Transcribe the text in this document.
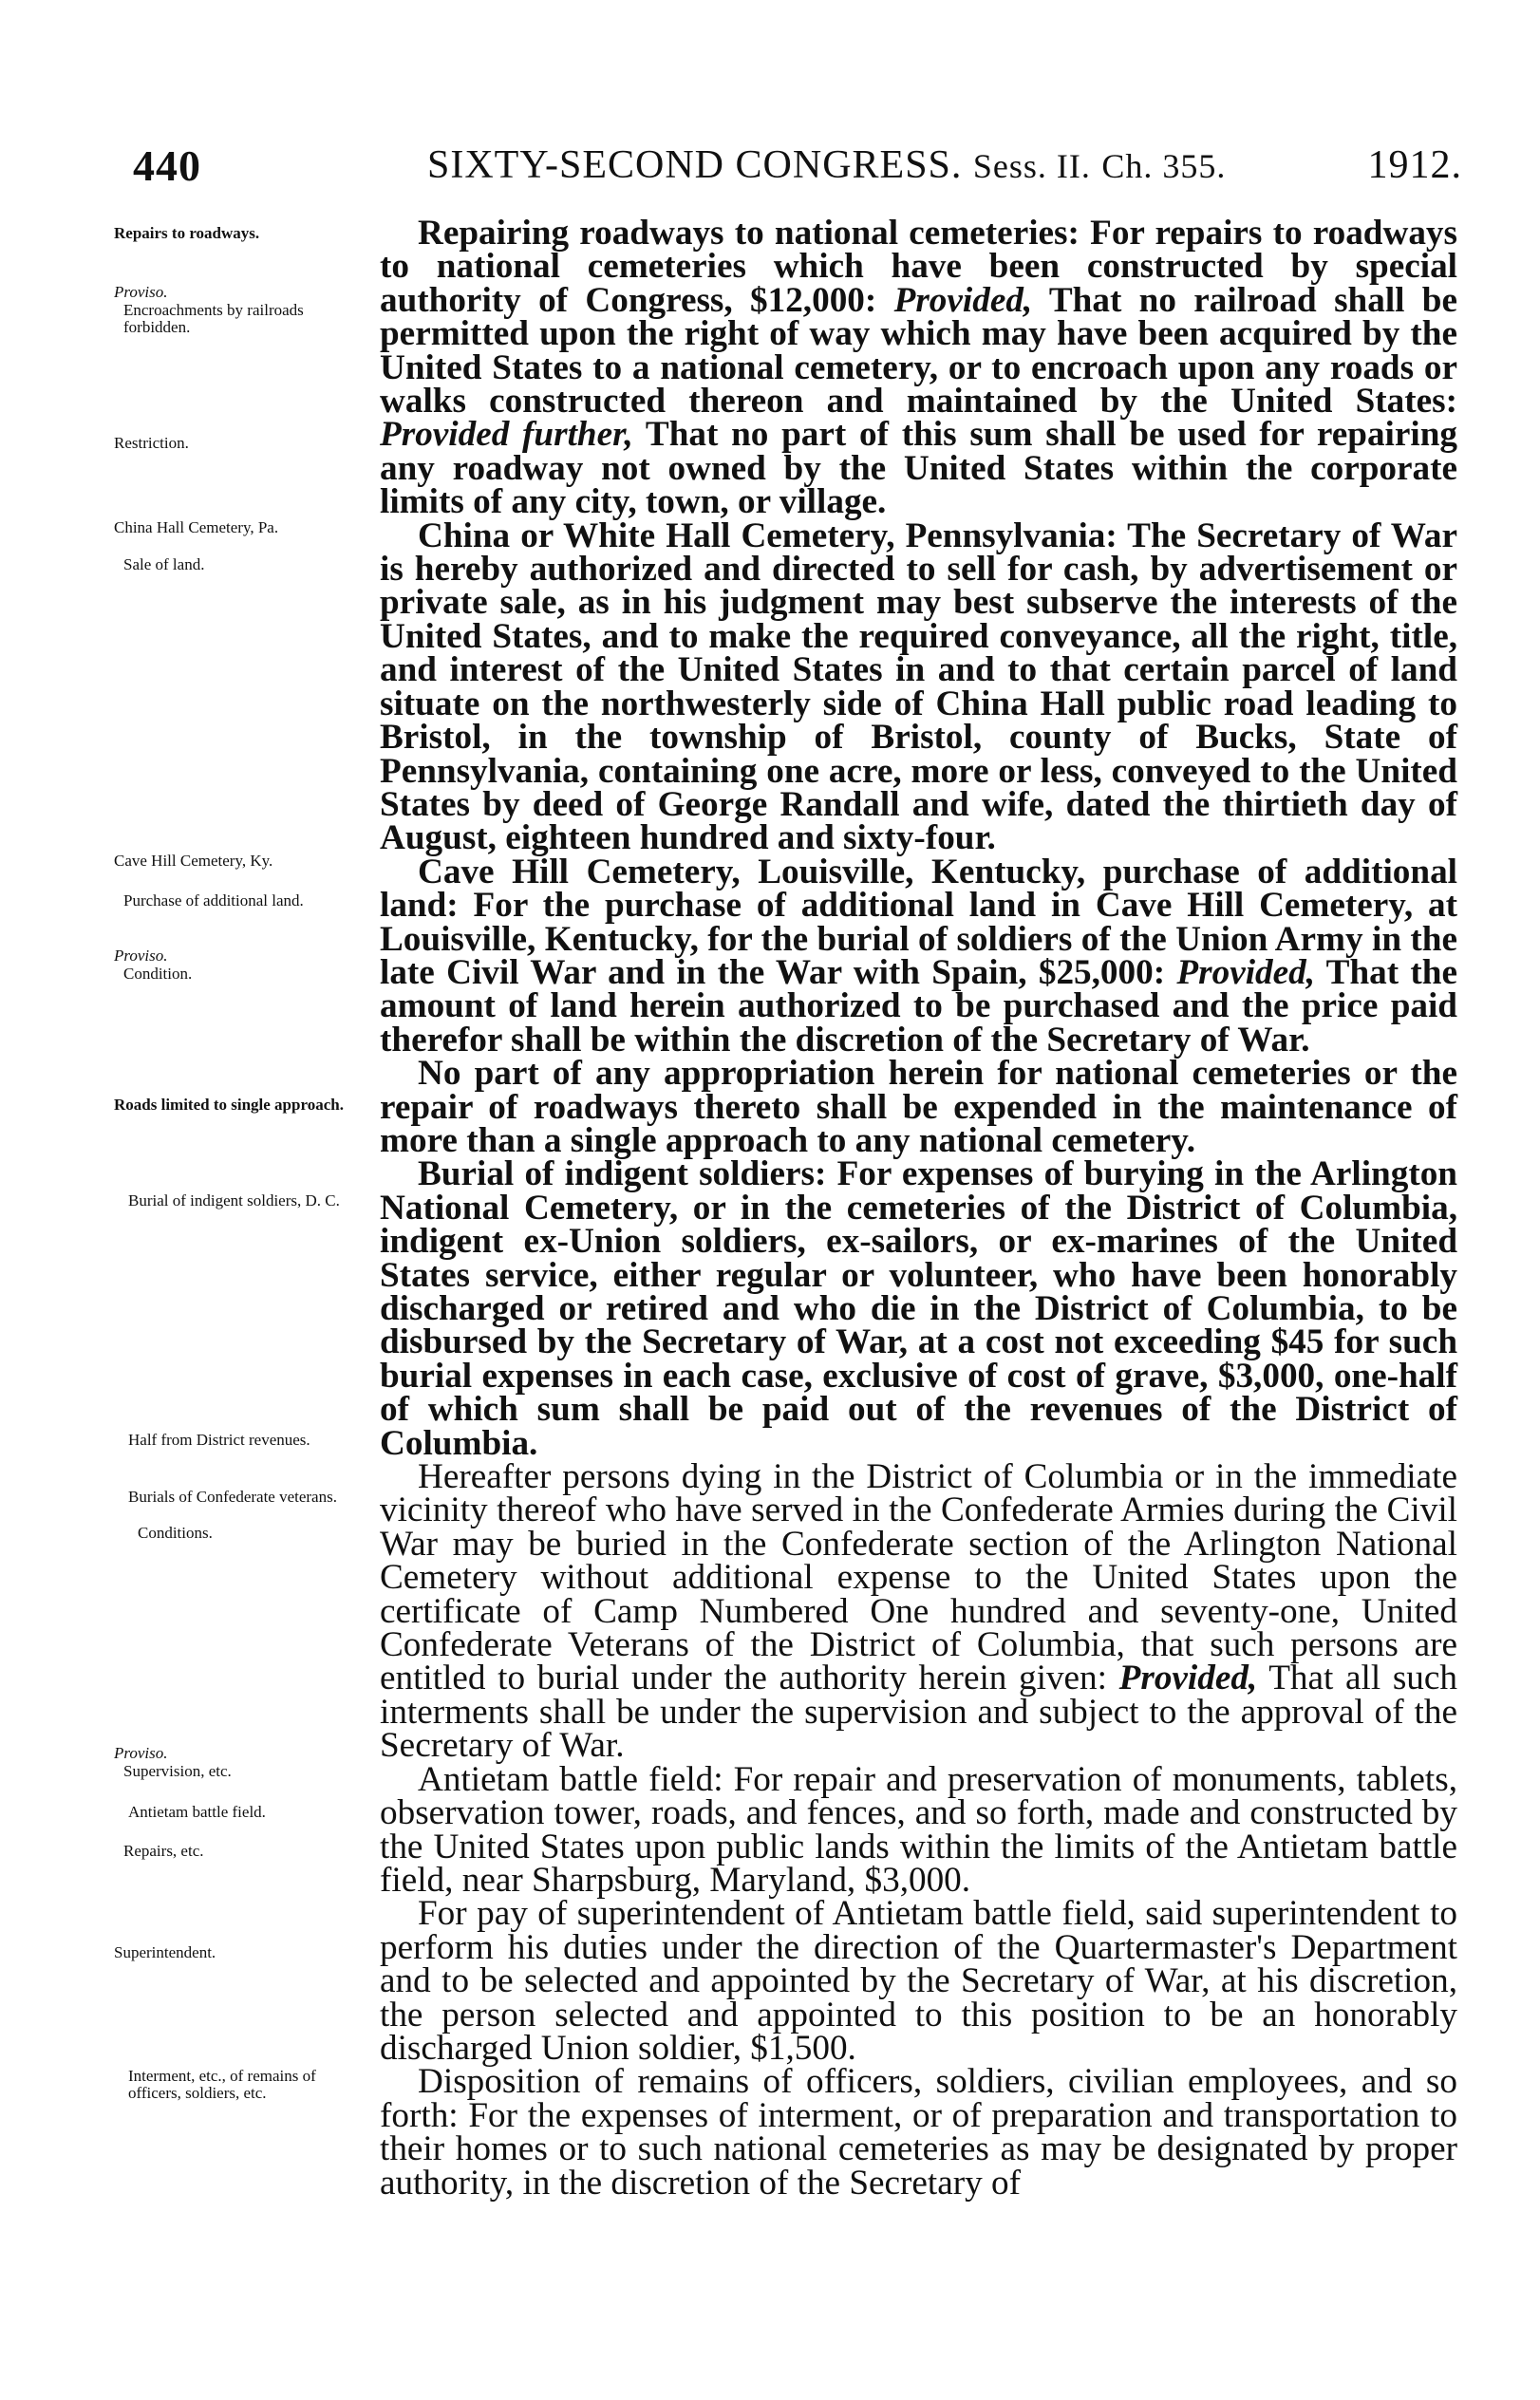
440	SIXTY-SECOND CONGRESS. Sess. II. Ch. 355.	1912.
Repairs to roadways.
Proviso.
Encroachments by railroads forbidden.
Restriction.
China Hall Cemetery, Pa.
Sale of land.
Cave Hill Cemetery, Ky.
Purchase of additional land.
Proviso.
Condition.
Roads limited to single approach.
Burial of indigent soldiers, D. C.
Half from District revenues.
Burials of Confederate veterans.
Conditions.
Proviso.
Supervision, etc.
Antietam battle field.
Repairs, etc.
Superintendent.
Interment, etc., of remains of officers, soldiers, etc.

Repairing roadways to national cemeteries: For repairs to roadways to national cemeteries which have been constructed by special authority of Congress, $12,000: Provided, That no railroad shall be permitted upon the right of way which may have been acquired by the United States to a national cemetery, or to encroach upon any roads or walks constructed thereon and maintained by the United States: Provided further, That no part of this sum shall be used for repairing any roadway not owned by the United States within the corporate limits of any city, town, or village.

China or White Hall Cemetery, Pennsylvania: The Secretary of War is hereby authorized and directed to sell for cash, by advertisement or private sale, as in his judgment may best subserve the interests of the United States, and to make the required conveyance, all the right, title, and interest of the United States in and to that certain parcel of land situate on the northwesterly side of China Hall public road leading to Bristol, in the township of Bristol, county of Bucks, State of Pennsylvania, containing one acre, more or less, conveyed to the United States by deed of George Randall and wife, dated the thirtieth day of August, eighteen hundred and sixty-four.

Cave Hill Cemetery, Louisville, Kentucky, purchase of additional land: For the purchase of additional land in Cave Hill Cemetery, at Louisville, Kentucky, for the burial of soldiers of the Union Army in the late Civil War and in the War with Spain, $25,000: Provided, That the amount of land herein authorized to be purchased and the price paid therefor shall be within the discretion of the Secretary of War.

No part of any appropriation herein for national cemeteries or the repair of roadways thereto shall be expended in the maintenance of more than a single approach to any national cemetery.

Burial of indigent soldiers: For expenses of burying in the Arlington National Cemetery, or in the cemeteries of the District of Columbia, indigent ex-Union soldiers, ex-sailors, or ex-marines of the United States service, either regular or volunteer, who have been honorably discharged or retired and who die in the District of Columbia, to be disbursed by the Secretary of War, at a cost not exceeding $45 for such burial expenses in each case, exclusive of cost of grave, $3,000, one-half of which sum shall be paid out of the revenues of the District of Columbia.

Hereafter persons dying in the District of Columbia or in the immediate vicinity thereof who have served in the Confederate Armies during the Civil War may be buried in the Confederate section of the Arlington National Cemetery without additional expense to the United States upon the certificate of Camp Numbered One hundred and seventy-one, United Confederate Veterans of the District of Columbia, that such persons are entitled to burial under the authority herein given: Provided, That all such interments shall be under the supervision and subject to the approval of the Secretary of War.

Antietam battle field: For repair and preservation of monuments, tablets, observation tower, roads, and fences, and so forth, made and constructed by the United States upon public lands within the limits of the Antietam battle field, near Sharpsburg, Maryland, $3,000.

For pay of superintendent of Antietam battle field, said superintendent to perform his duties under the direction of the Quartermaster's Department and to be selected and appointed by the Secretary of War, at his discretion, the person selected and appointed to this position to be an honorably discharged Union soldier, $1,500.

Disposition of remains of officers, soldiers, civilian employees, and so forth: For the expenses of interment, or of preparation and transportation to their homes or to such national cemeteries as may be designated by proper authority, in the discretion of the Secretary of
